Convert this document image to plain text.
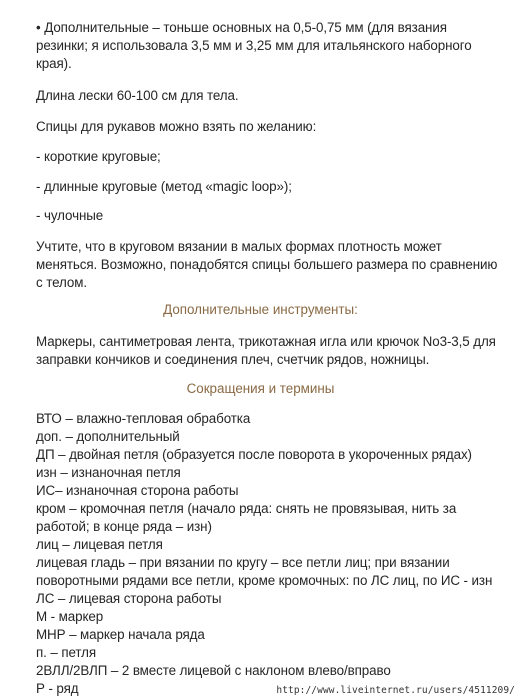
• Дополнительные – тоньше основных на 0,5-0,75 мм (для вязания
резинки; я использовала 3,5 мм и 3,25 мм для итальянского наборного
края).
Длина лески 60-100 см для тела.
Спицы для рукавов можно взять по желанию:
- короткие круговые;
- длинные круговые (метод «magic loop»);
- чулочные
Учтите, что в круговом вязании в малых формах плотность может
меняться. Возможно, понадобятся спицы большего размера по сравнению
с телом.
Дополнительные инструменты:
Маркеры, сантиметровая лента, трикотажная игла или крючок No3-3,5 для
заправки кончиков и соединения плеч, счетчик рядов, ножницы.
Сокращения и термины
ВТО – влажно-тепловая обработка
доп. – дополнительный
ДП – двойная петля (образуется после поворота в укороченных рядах)
изн – изнаночная петля
ИС– изнаночная сторона работы
кром – кромочная петля (начало ряда: снять не провязывая, нить за
работой; в конце ряда – изн)
лиц – лицевая петля
лицевая гладь – при вязании по кругу – все петли лиц; при вязании
поворотными рядами все петли, кроме кромочных: по ЛС лиц, по ИС - изн
ЛС – лицевая сторона работы
М - маркер
МНР – маркер начала ряда
п. – петля
2ВЛЛ/2ВЛП – 2 вместе лицевой с наклоном влево/вправо
Р - ряд	http://www.liveinternet.ru/users/4511209/
